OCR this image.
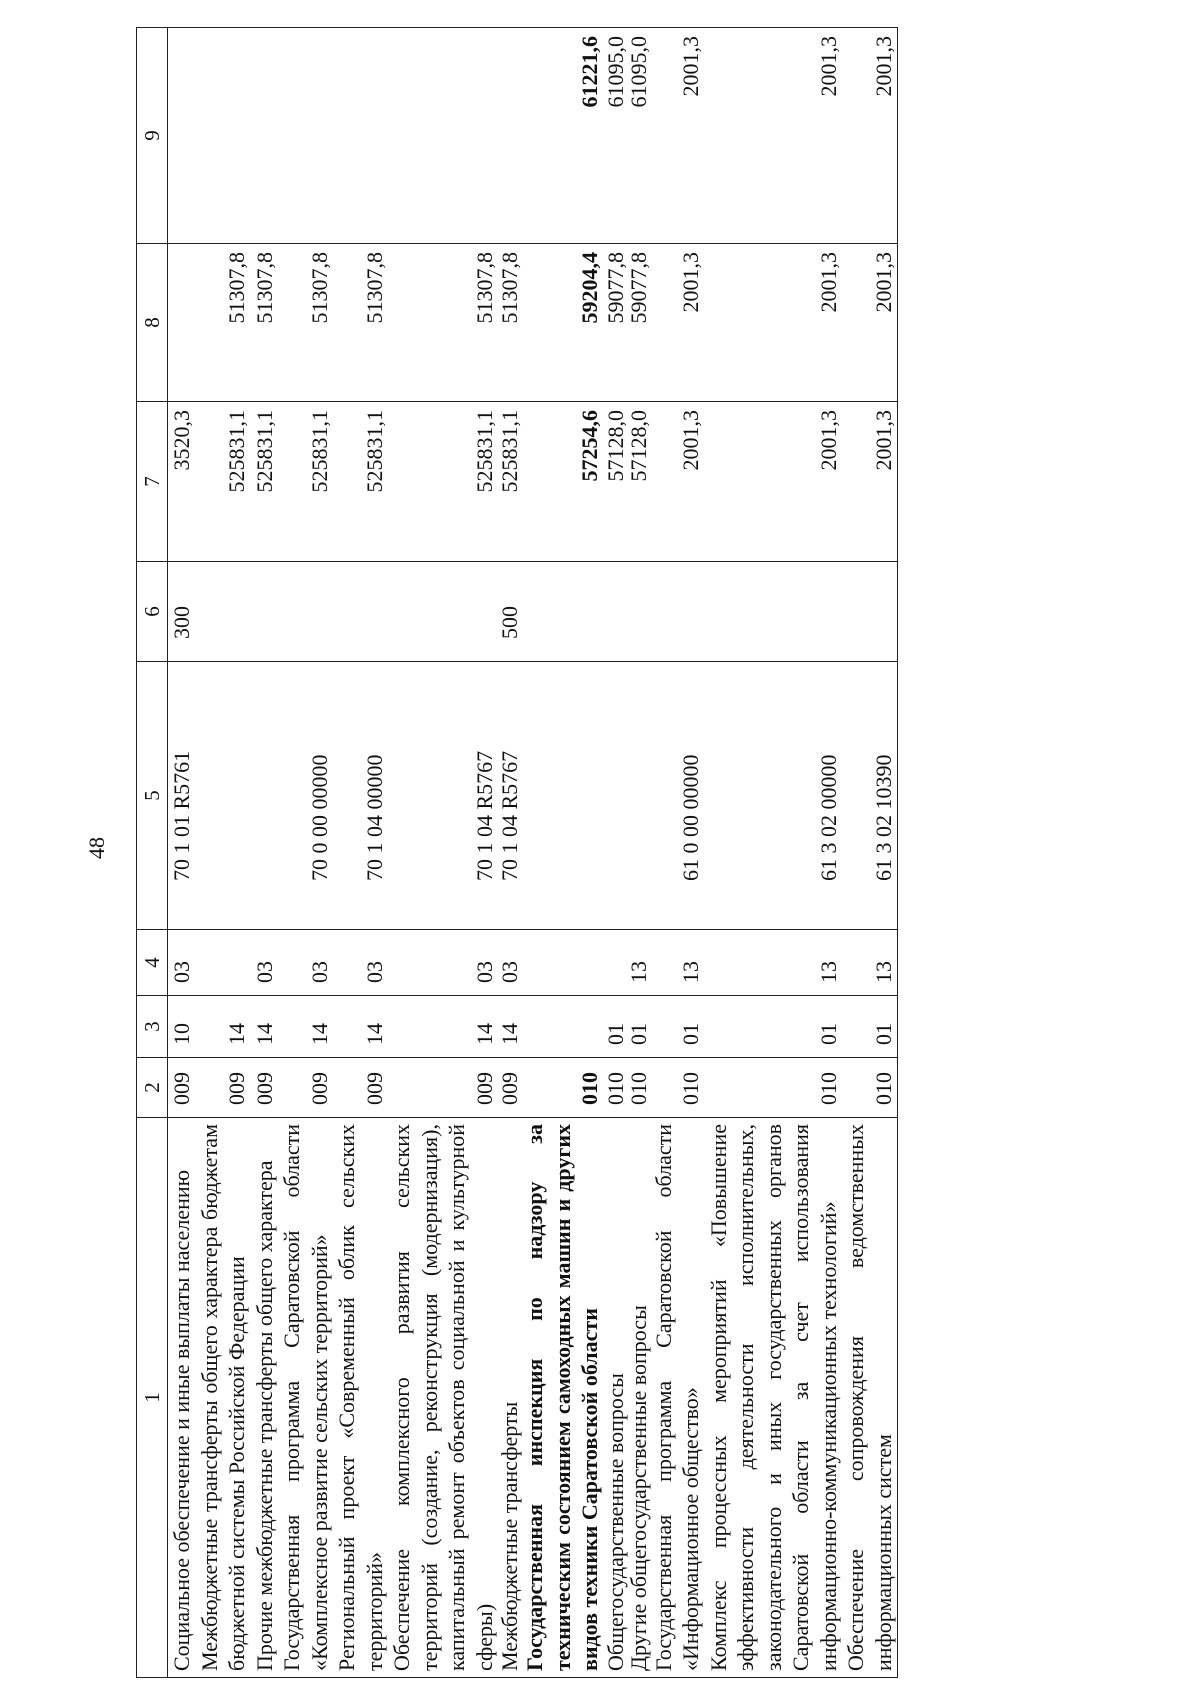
48
1	2	3	4	5	6	7	8	9
Социальное обеспечение и иные выплаты населению	009	10	03	70 1 01 R5761	300	3520,3		
Межбюджетные трансферты общего характера бюджетам бюджетной системы Российской Федерации	009	14				525831,1	51307,8	
Прочие межбюджетные трансферты общего характера	009	14	03			525831,1	51307,8	
Государственная программа Саратовской области «Комплексное развитие сельских территорий»	009	14	03	70 0 00 00000		525831,1	51307,8	
Региональный проект «Современный облик сельских территорий»	009	14	03	70 1 04 00000		525831,1	51307,8	
Обеспечение комплексного развития сельских территорий (создание, реконструкция (модернизация), капитальный ремонт объектов социальной и культурной сферы)	009	14	03	70 1 04 R5767		525831,1	51307,8	
Межбюджетные трансферты	009	14	03	70 1 04 R5767	500	525831,1	51307,8	
Государственная инспекция по надзору за техническим состоянием самоходных машин и других видов техники Саратовской области	010					57254,6	59204,4	61221,6
Общегосударственные вопросы	010	01				57128,0	59077,8	61095,0
Другие общегосударственные вопросы	010	01	13			57128,0	59077,8	61095,0
Государственная программа Саратовской области «Информационное общество»	010	01	13	61 0 00 00000		2001,3	2001,3	2001,3
Комплекс процессных мероприятий «Повышение эффективности деятельности исполнительных, законодательного и иных государственных органов Саратовской области за счет использования информационно-коммуникационных технологий»	010	01	13	61 3 02 00000		2001,3	2001,3	2001,3
Обеспечение сопровождения ведомственных информационных систем	010	01	13	61 3 02 10390		2001,3	2001,3	2001,3
